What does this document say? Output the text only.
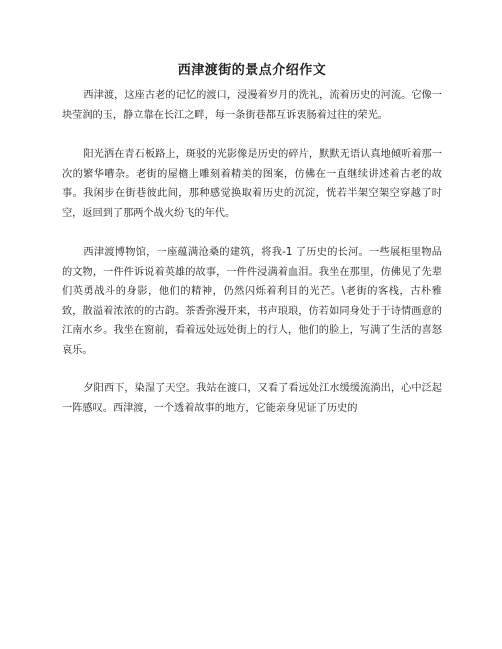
西津渡街的景点介绍作文

西津渡，这座古老的记忆的渡口，浸漫着岁月的洗礼，流着历史的河流。它像一块莹润的玉，静立靠在长江之畔，每一条街巷都互诉衷肠着过往的荣光。

阳光洒在青石板路上，斑驳的光影像是历史的碎片，默默无语认真地倾听着那一次的繁华嘈杂。老街的屋檐上雕刻着精美的图案，仿佛在一直继续讲述着古老的故事。我闲步在街巷彼此间，那种感觉换取着历史的沉淀，恍若半架空架空穿越了时空，返回到了那两个战火纷飞的年代。

西津渡博物馆，一座蕴满沧桑的建筑，将我-1 了历史的长河。一些展柜里物品的文物，一件件诉说着英雄的故事，一件件浸满着血泪。我坐在那里，仿佛见了先辈们英勇战斗的身影，他们的精神，仍然闪烁着利目的光芒。\老街的客栈，古朴雅致，散溢着浓浓的的古韵。茶香弥漫开来，书声琅琅，仿若如同身处于于诗情画意的江南水乡。我坐在窗前，看着远处远处街上的行人，他们的脸上，写满了生活的喜怒哀乐。

夕阳西下，染湿了天空。我站在渡口，又看了看远处江水缓缓流淌出，心中泛起一阵感叹。西津渡，一个透着故事的地方，它能亲身见证了历史的
